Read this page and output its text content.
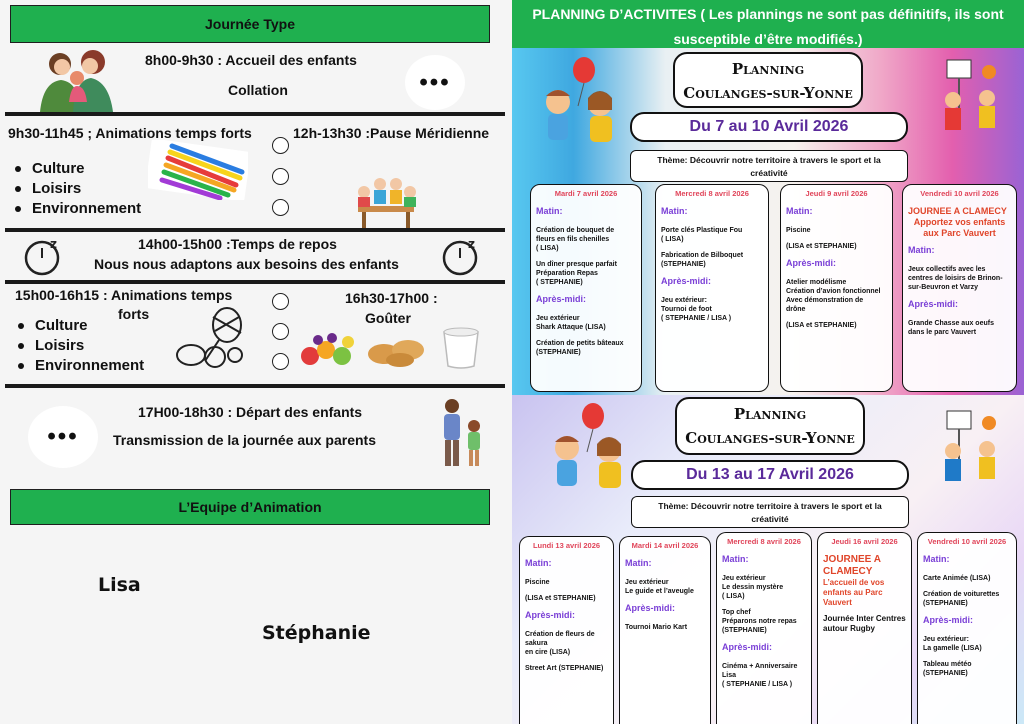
Journée Type
8h00-9h30 : Accueil des enfants
Collation	•••
9h30-11h45 ; Animations temps forts	12h-13h30 :Pause Méridienne
Culture
Loisirs
Environnement
z	z
14h00-15h00 :Temps de repos
Nous nous adaptons aux besoins des enfants
15h00-16h15 : Animations temps
forts
Culture
Loisirs
Environnement
16h30-17h00 :
Goûter
17H00-18h30 : Départ des enfants
Transmission de la journée aux parents
•••
L’Equipe d’Animation
Lisa
Stéphanie
PLANNING D’ACTIVITES ( Les plannings ne sont pas définitifs, ils sont
susceptible d’être modifiés.)
Planning
Coulanges-sur-Yonne
Du 7 au 10 Avril 2026
Thème: Découvrir notre territoire à travers le sport et la
créativité
Mardi 7 avril 2026
Matin:

Création de bouquet de
fleurs en fils chenilles
( LISA)

Un dîner presque parfait
Préparation Repas
( STEPHANIE)

Après-midi:

Jeu extérieur
Shark Attaque (LISA)

Création de petits bâteaux
(STEPHANIE)

Mercredi 8 avril 2026
Matin:

Porte clés Plastique Fou
( LISA)

Fabrication de Bilboquet
(STEPHANIE)

Après-midi:

Jeu extérieur:
Tournoi de foot
( STEPHANIE / LISA )

Jeudi 9 avril 2026
Matin:

Piscine

(LISA et STEPHANIE)

Après-midi:

Atelier modélisme
Création d’avion fonctionnel
Avec démonstration de
drône

(LISA et STEPHANIE)

Vendredi 10 avril 2026
JOURNEE A CLAMECY
Apportez vos enfants aux Parc Vauvert
Matin:

Jeux collectifs avec les
centres de loisirs de Brinon-
sur-Beuvron et Varzy

Après-midi:

Grande Chasse aux oeufs
dans le parc Vauvert

Planning
Coulanges-sur-Yonne
Du 13 au 17 Avril 2026
Thème: Découvrir notre territoire à travers le sport et la
créativité
Lundi 13 avril 2026
Matin:

Piscine

(LISA et STEPHANIE)

Après-midi:

Création de fleurs de sakura
en cire (LISA)

Street Art (STEPHANIE)

Mardi 14 avril 2026
Matin:

Jeu extérieur
Le guide et l’aveugle

Après-midi:

Tournoi Mario Kart

Mercredi 8 avril 2026
Matin:

Jeu extérieur
Le dessin mystère
( LISA)

Top chef
Préparons notre repas
(STEPHANIE)

Après-midi:

Cinéma + Anniversaire Lisa
( STEPHANIE / LISA )

Jeudi 16 avril 2026
JOURNEE A CLAMECY
L’accueil de vos enfants au Parc Vauvert

Journée Inter Centres autour Rugby

Vendredi 10 avril 2026
Matin:

Carte Animée (LISA)

Création de voiturettes
(STEPHANIE)

Après-midi:

Jeu extérieur:
La gamelle (LISA)

Tableau météo
(STEPHANIE)
